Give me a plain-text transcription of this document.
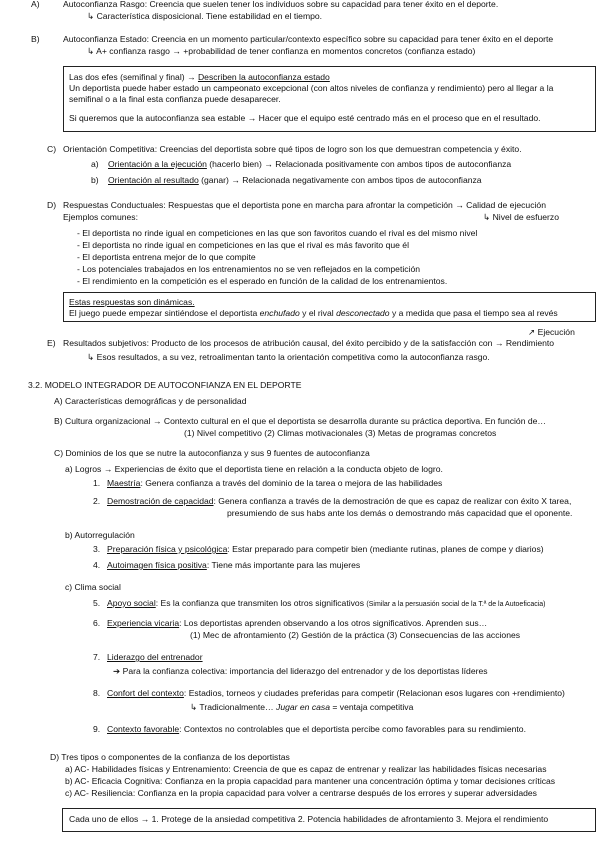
A)	Autoconfianza Rasgo: Creencia que suelen tener los individuos sobre su capacidad para tener éxito en el deporte.
↳ Característica disposicional. Tiene estabilidad en el tiempo.
B)	Autoconfianza Estado: Creencia en un momento particular/contexto específico sobre su capacidad para tener éxito en el deporte
↳ A+ confianza rasgo → +probabilidad de tener confianza en momentos concretos (confianza estado)
Las dos efes (semifinal y final) → Describen la autoconfianza estado
Un deportista puede haber estado un campeonato excepcional (con altos niveles de confianza y rendimiento) pero al llegar a la
semifinal o a la final esta confianza puede desaparecer.
Si queremos que la autoconfianza sea estable → Hacer que el equipo esté centrado más en el proceso que en el resultado.
C) Orientación Competitiva: Creencias del deportista sobre qué tipos de logro son los que demuestran competencia y éxito.
a) Orientación a la ejecución (hacerlo bien) → Relacionada positivamente con ambos tipos de autoconfianza
b) Orientación al resultado (ganar) → Relacionada negativamente con ambos tipos de autoconfianza
D) Respuestas Conductuales: Respuestas que el deportista pone en marcha para afrontar la competición → Calidad de ejecución
Ejemplos comunes:	↳ Nivel de esfuerzo
- El deportista no rinde igual en competiciones en las que son favoritos cuando el rival es del mismo nivel
- El deportista no rinde igual en competiciones en las que el rival es más favorito que él
- El deportista entrena mejor de lo que compite
- Los potenciales trabajados en los entrenamientos no se ven reflejados en la competición
- El rendimiento en la competición es el esperado en función de la calidad de los entrenamientos.
Estas respuestas son dinámicas.
El juego puede empezar sintiéndose el deportista enchufado y el rival desconectado y a medida que pasa el tiempo sea al revés
↗ Ejecución
E) Resultados subjetivos: Producto de los procesos de atribución causal, del éxito percibido y de la satisfacción con → Rendimiento
↳ Esos resultados, a su vez, retroalimentan tanto la orientación competitiva como la autoconfianza rasgo.
3.2. MODELO INTEGRADOR DE AUTOCONFIANZA EN EL DEPORTE
A) Características demográficas y de personalidad
B) Cultura organizacional → Contexto cultural en el que el deportista se desarrolla durante su práctica deportiva. En función de…
(1) Nivel competitivo (2) Climas motivacionales (3) Metas de programas concretos
C) Dominios de los que se nutre la autoconfianza y sus 9 fuentes de autoconfianza
a) Logros → Experiencias de éxito que el deportista tiene en relación a la conducta objeto de logro.
1. Maestría: Genera confianza a través del dominio de la tarea o mejora de las habilidades
2. Demostración de capacidad: Genera confianza a través de la demostración de que es capaz de realizar con éxito X tarea,
presumiendo de sus habs ante los demás o demostrando más capacidad que el oponente.
b) Autorregulación
3. Preparación física y psicológica: Estar preparado para competir bien (mediante rutinas, planes de compe y diarios)
4. Autoimagen física positiva: Tiene más importante para las mujeres
c) Clima social
5. Apoyo social: Es la confianza que transmiten los otros significativos (Similar a la persuasión social de la T.ª de la Autoeficacia)
6. Experiencia vicaria: Los deportistas aprenden observando a los otros significativos. Aprenden sus…
(1) Mec de afrontamiento (2) Gestión de la práctica (3) Consecuencias de las acciones
7. Liderazgo del entrenador
➔ Para la confianza colectiva: importancia del liderazgo del entrenador y de los deportistas líderes
8. Confort del contexto: Estadios, torneos y ciudades preferidas para competir (Relacionan esos lugares con +rendimiento)
↳ Tradicionalmente… Jugar en casa = ventaja competitiva
9. Contexto favorable: Contextos no controlables que el deportista percibe como favorables para su rendimiento.
D) Tres tipos o componentes de la confianza de los deportistas
a) AC- Habilidades físicas y Entrenamiento: Creencia de que es capaz de entrenar y realizar las habilidades físicas necesarias
b) AC- Eficacia Cognitiva: Confianza en la propia capacidad para mantener una concentración óptima y tomar decisiones críticas
c) AC- Resiliencia: Confianza en la propia capacidad para volver a centrarse después de los errores y superar adversidades
Cada uno de ellos → 1. Protege de la ansiedad competitiva 2. Potencia habilidades de afrontamiento 3. Mejora el rendimiento
